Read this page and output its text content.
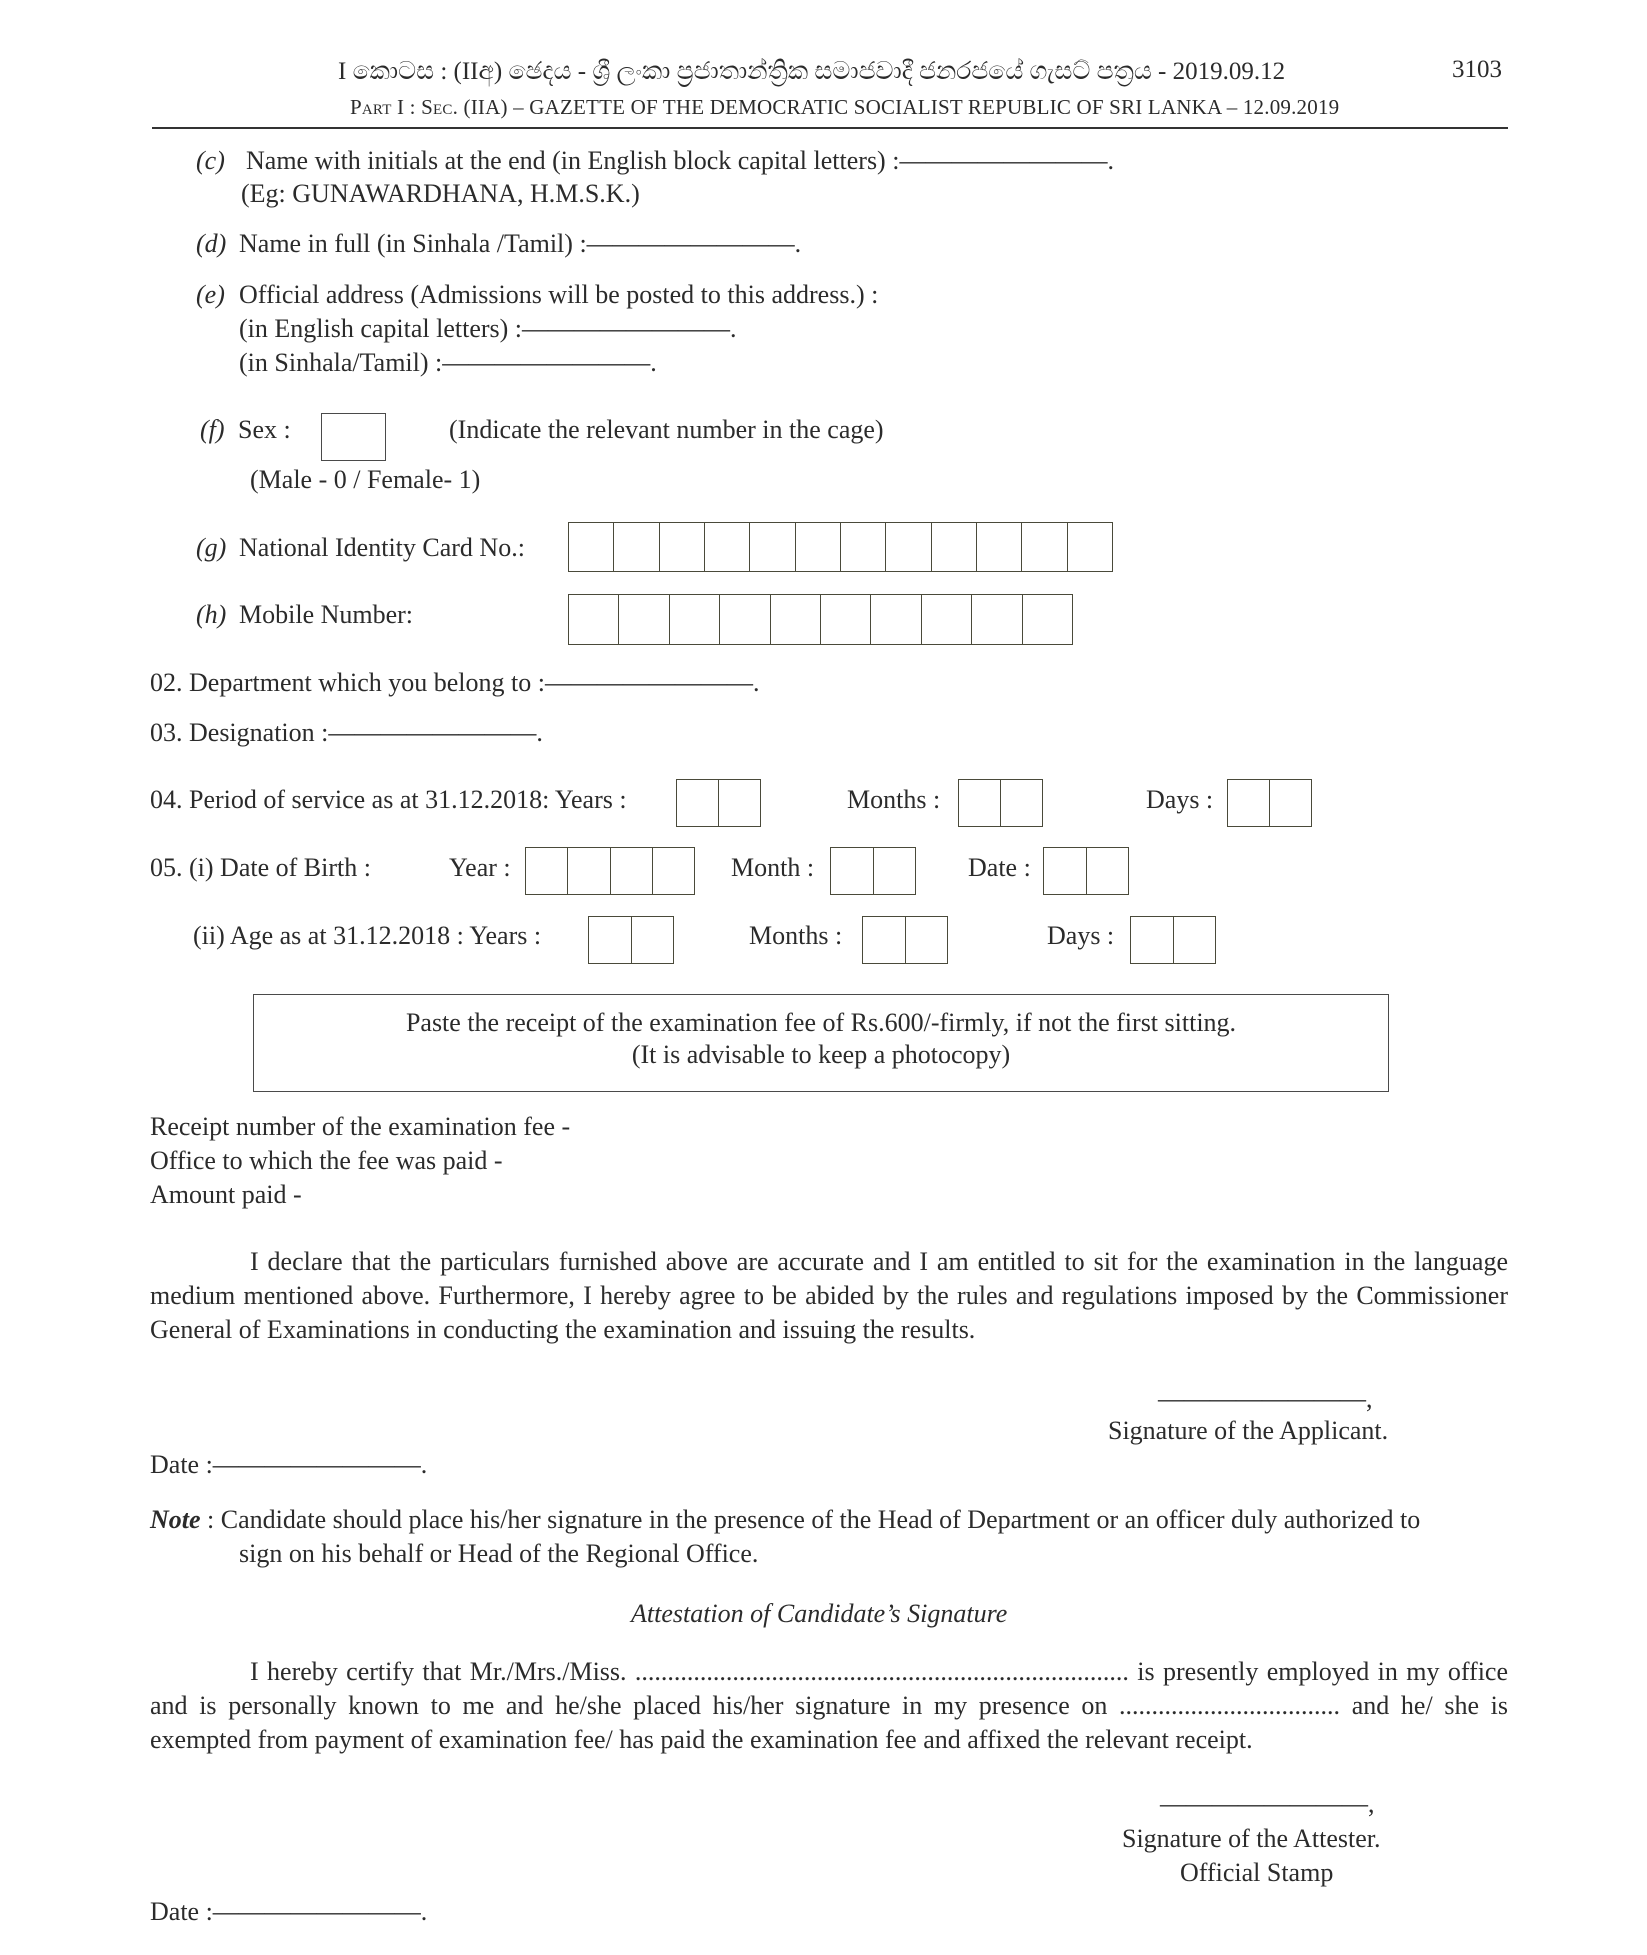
I කොටස : (IIඅ) ඡෙදය - ශ්‍රී ලංකා ප්‍රජාතාන්ත්‍රික සමාජවාදී ජනරජයේ ගැසට් පත්‍රය - 2019.09.12	3103
Part I : Sec. (IIA) – GAZETTE OF THE DEMOCRATIC SOCIALIST REPUBLIC OF SRI LANKA – 12.09.2019
(c) Name with initials at the end (in English block capital letters) :————————.
(Eg: GUNAWARDHANA, H.M.S.K.)
(d) Name in full (in Sinhala /Tamil) :————————.
(e) Official address (Admissions will be posted to this address.) :
(in English capital letters) :————————.
(in Sinhala/Tamil) :————————.
(f) Sex :	(Indicate the relevant number in the cage)
(Male - 0 / Female- 1)
(g) National Identity Card No.:
(h) Mobile Number:
02. Department which you belong to :————————.
03. Designation :————————.
04. Period of service as at 31.12.2018: Years :	Months :	Days :
05. (i) Date of Birth :	Year :	Month :	Date :
(ii) Age as at 31.12.2018 : Years :	Months :	Days :
Paste the receipt of the examination fee of Rs.600/-firmly, if not the first sitting.
(It is advisable to keep a photocopy)
Receipt number of the examination fee -
Office to which the fee was paid -
Amount paid -

I declare that the particulars furnished above are accurate and I am entitled to sit for the examination in the language medium mentioned above. Furthermore, I hereby agree to be abided by the rules and regulations imposed by the Commissioner General of Examinations in conducting the examination and issuing the results.

————————,
Signature of the Applicant.
Date :————————.
Note : Candidate should place his/her signature in the presence of the Head of Department or an officer duly authorized to
sign on his behalf or Head of the Regional Office.
Attestation of Candidate’s Signature

I hereby certify that Mr./Mrs./Miss. ............................................................................ is presently employed in my office and is personally known to me and he/she placed his/her signature in my presence on .................................. and he/ she is exempted from payment of examination fee/ has paid the examination fee and affixed the relevant receipt.

————————,
Signature of the Attester.
Official Stamp
Date :————————.
